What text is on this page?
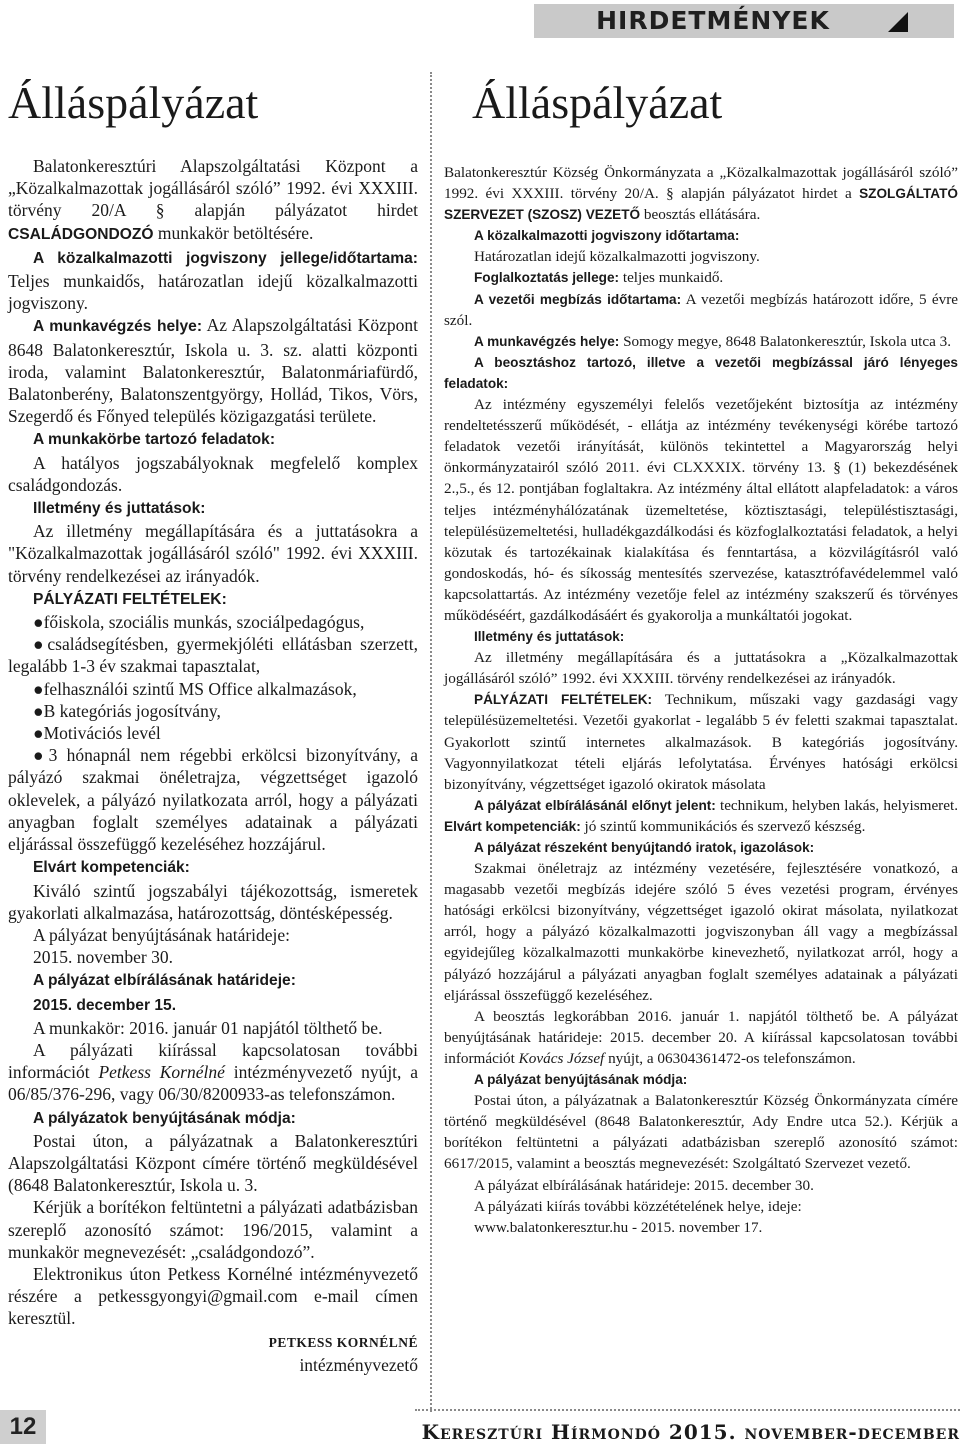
HIRDETMÉNYEK
Álláspályázat

Balatonkeresztúri Alapszolgáltatási Központ a „Közalkalmazottak jogállásáról szóló” 1992. évi XXXIII. törvény 20/A § alapján pályázatot hirdet CSALÁDGONDOZÓ munkakör betöltésére.

A közalkalmazotti jogviszony jellege/időtartama: Teljes munkaidős, határozatlan idejű közalkalmazotti jogviszony.

A munkavégzés helye: Az Alapszolgáltatási Központ 8648 Balatonkeresztúr, Iskola u. 3. sz. alatti központi iroda, valamint Balatonkeresztúr, Balatonmáriafürdő, Balatonberény, Balatonszentgyörgy, Hollád, Tikos, Vörs, Szegerdő és Főnyed település közigazgatási területe.

A munkakörbe tartozó feladatok:

A hatályos jogszabályoknak megfelelő komplex családgondozás.

Illetmény és juttatások:

Az illetmény megállapítására és a juttatásokra a "Közalkalmazottak jogállásáról szóló" 1992. évi XXXIII. törvény rendelkezései az irányadók.

PÁLYÁZATI FELTÉTELEK:

●főiskola, szociális munkás, szociálpedagógus,

●családsegítésben, gyermekjóléti ellátásban szerzett, legalább 1-3 év szakmai tapasztalat,

●felhasználói szintű MS Office alkalmazások,

●B kategóriás jogosítvány,

●Motivációs levél

●3 hónapnál nem régebbi erkölcsi bizonyítvány, a pályázó szakmai önéletrajza, végzettséget igazoló oklevelek, a pályázó nyilatkozata arról, hogy a pályázati anyagban foglalt személyes adatainak a pályázati eljárással összefüggő kezeléséhez hozzájárul.

Elvárt kompetenciák:

Kiváló szintű jogszabályi tájékozottság, ismeretek gyakorlati alkalmazása, határozottság, döntésképesség.

A pályázat benyújtásának határideje:

2015. november 30.

A pályázat elbírálásának határideje:

2015. december 15.

A munkakör: 2016. január 01 napjától tölthető be.

A pályázati kiírással kapcsolatosan további információt Petkess Kornélné intézményvezető nyújt, a 06/85/376-296, vagy 06/30/8200933-as telefonszámon.

A pályázatok benyújtásának módja:

Postai úton, a pályázatnak a Balatonkeresztúri Alapszolgáltatási Központ címére történő megküldésével (8648 Balatonkeresztúr, Iskola u. 3.

Kérjük a borítékon feltüntetni a pályázati adatbázisban szereplő azonosító számot: 196/2015, valamint a munkakör megnevezését: „családgondozó”.

Elektronikus úton Petkess Kornélné intézményvezető részére a petkessgyongyi@gmail.com e-mail címen keresztül.

PETKESS KORNÉLNÉ

intézményvezető

Álláspályázat

Balatonkeresztúr Község Önkormányzata a „Közalkalmazottak jogállásáról szóló” 1992. évi XXXIII. törvény 20/A. § alapján pályázatot hirdet a SZOLGÁLTATÓ SZERVEZET (SZOSZ) VEZETŐ beosztás ellátására.

A közalkalmazotti jogviszony időtartama:

Határozatlan idejű közalkalmazotti jogviszony.

Foglalkoztatás jellege: teljes munkaidő.

A vezetői megbízás időtartama: A vezetői megbízás határozott időre, 5 évre szól.

A munkavégzés helye: Somogy megye, 8648 Balatonkeresztúr, Iskola utca 3.

A beosztáshoz tartozó, illetve a vezetői megbízással járó lényeges feladatok:

Az intézmény egyszemélyi felelős vezetőjeként biztosítja az intézmény rendeltetésszerű működését, - ellátja az intézmény tevékenységi körébe tartozó feladatok vezetői irányítását, különös tekintettel a Magyarország helyi önkormányzatairól szóló 2011. évi CLXXXIX. törvény 13. § (1) bekezdésének 2.,5., és 12. pontjában foglaltakra. Az intézmény által ellátott alapfeladatok: a város teljes intézményhálózatának üzemeltetése, köztisztasági, településtisztasági, településüzemeltetési, hulladékgazdálkodási és közfoglalkoztatási feladatok, a helyi közutak és tartozékainak kialakítása és fenntartása, a közvilágításról való gondoskodás, hó- és síkosság mentesítés szervezése, katasztrófavédelemmel való kapcsolattartás. Az intézmény vezetője felel az intézmény szakszerű és törvényes működéséért, gazdálkodásáért és gyakorolja a munkáltatói jogokat.

Illetmény és juttatások:

Az illetmény megállapítására és a juttatásokra a „Közalkalmazottak jogállásáról szóló” 1992. évi XXXIII. törvény rendelkezései az irányadók.

PÁLYÁZATI FELTÉTELEK: Technikum, műszaki vagy gazdasági vagy településüzemeltetési. Vezetői gyakorlat - legalább 5 év feletti szakmai tapasztalat. Gyakorlott szintű internetes alkalmazások. B kategóriás jogosítvány. Vagyonnyilatkozat tételi eljárás lefolytatása. Érvényes hatósági erkölcsi bizonyítvány, végzettséget igazoló okiratok másolata

A pályázat elbírálásánál előnyt jelent: technikum, helyben lakás, helyismeret. Elvárt kompetenciák: jó szintű kommunikációs és szervező készség.

A pályázat részeként benyújtandó iratok, igazolások:

Szakmai önéletrajz az intézmény vezetésére, fejlesztésére vonatkozó, a magasabb vezetői megbízás idejére szóló 5 éves vezetési program, érvényes hatósági erkölcsi bizonyítvány, végzettséget igazoló okirat másolata, nyilatkozat arról, hogy a pályázó közalkalmazotti jogviszonyban áll vagy a megbízással egyidejűleg közalkalmazotti munkakörbe kinevezhető, nyilatkozat arról, hogy a pályázó hozzájárul a pályázati anyagban foglalt személyes adatainak a pályázati eljárással összefüggő kezeléséhez.

A beosztás legkorábban 2016. január 1. napjától tölthető be. A pályázat benyújtásának határideje: 2015. december 20. A kiírással kapcsolatosan további információt Kovács József nyújt, a 06304361472-os telefonszámon.

A pályázat benyújtásának módja:

Postai úton, a pályázatnak a Balatonkeresztúr Község Önkormányzata címére történő megküldésével (8648 Balatonkeresztúr, Ady Endre utca 52.). Kérjük a borítékon feltüntetni a pályázati adatbázisban szereplő azonosító számot: 6617/2015, valamint a beosztás megnevezését: Szolgáltató Szervezet vezető.

A pályázat elbírálásának határideje: 2015. december 30.

A pályázati kiírás további közzétételének helye, ideje:

www.balatonkeresztur.hu - 2015. november 17.

12	Keresztúri Hírmondó 2015. november-december
